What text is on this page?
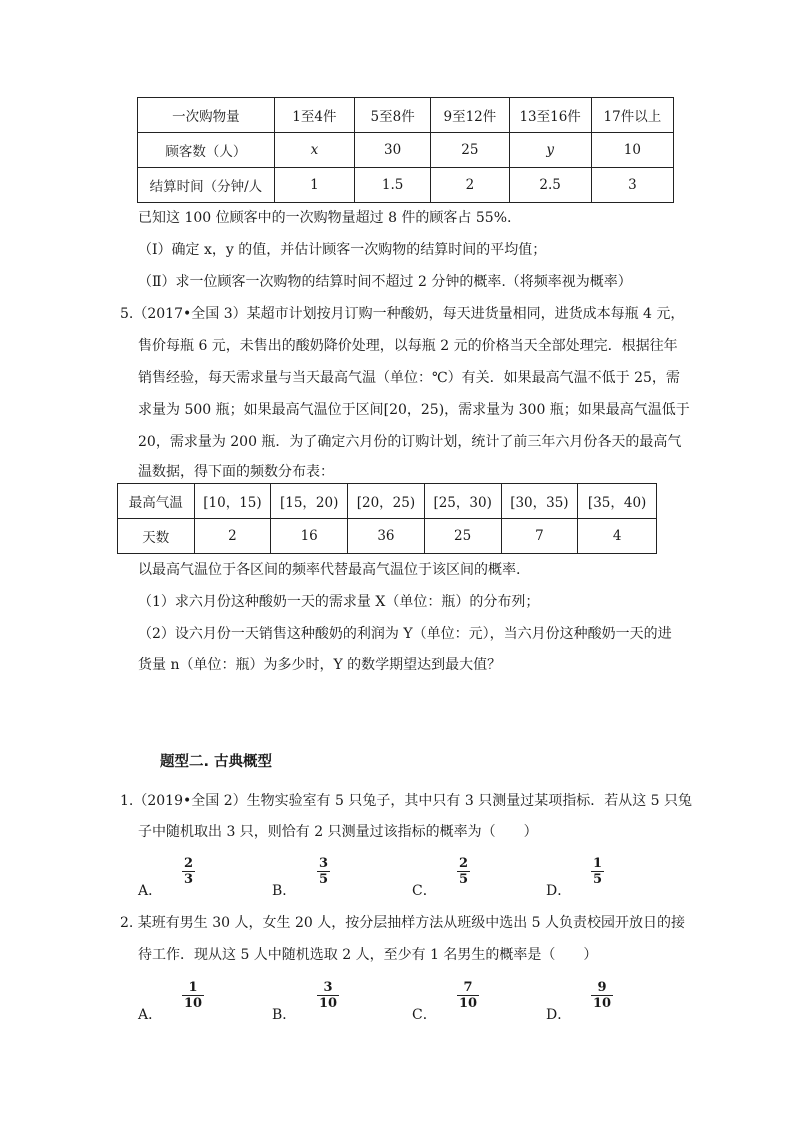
一次购物量	1至4件	5至8件	9至12件	13至16件	17件以上
顾客数（人）	x	30	25	y	10
结算时间（分钟/人	1	1.5	2	2.5	3
已知这 100 位顾客中的一次购物量超过 8 件的顾客占 55%.
（Ⅰ）确定 x，y 的值，并估计顾客一次购物的结算时间的平均值；
（Ⅱ）求一位顾客一次购物的结算时间不超过 2 分钟的概率.（将频率视为概率）
5.（2017•全国 3）某超市计划按月订购一种酸奶，每天进货量相同，进货成本每瓶 4 元，
售价每瓶 6 元，未售出的酸奶降价处理，以每瓶 2 元的价格当天全部处理完．根据往年
销售经验，每天需求量与当天最高气温（单位：℃）有关．如果最高气温不低于 25，需
求量为 500 瓶；如果最高气温位于区间[20，25)，需求量为 300 瓶；如果最高气温低于
20，需求量为 200 瓶．为了确定六月份的订购计划，统计了前三年六月份各天的最高气
温数据，得下面的频数分布表：
最高气温	[10，15)	[15，20)	[20，25)	[25，30)	[30，35)	[35，40)
天数	2	16	36	25	7	4
以最高气温位于各区间的频率代替最高气温位于该区间的概率.
（1）求六月份这种酸奶一天的需求量 X（单位：瓶）的分布列；
（2）设六月份一天销售这种酸奶的利润为 Y（单位：元），当六月份这种酸奶一天的进
货量 n（单位：瓶）为多少时，Y 的数学期望达到最大值？
题型二. 古典概型
1.（2019•全国 2）生物实验室有 5 只兔子，其中只有 3 只测量过某项指标．若从这 5 只兔
子中随机取出 3 只，则恰有 2 只测量过该指标的概率为（　　）
A．
$\frac{2}{3}$
B．
$\frac{3}{5}$
C．
$\frac{2}{5}$
D．
$\frac{1}{5}$
2. 某班有男生 30 人，女生 20 人，按分层抽样方法从班级中选出 5 人负责校园开放日的接
待工作．现从这 5 人中随机选取 2 人，至少有 1 名男生的概率是（　　）
A．
$\frac{1}{10}$
B．
$\frac{3}{10}$
C．
$\frac{7}{10}$
D．
$\frac{9}{10}$
